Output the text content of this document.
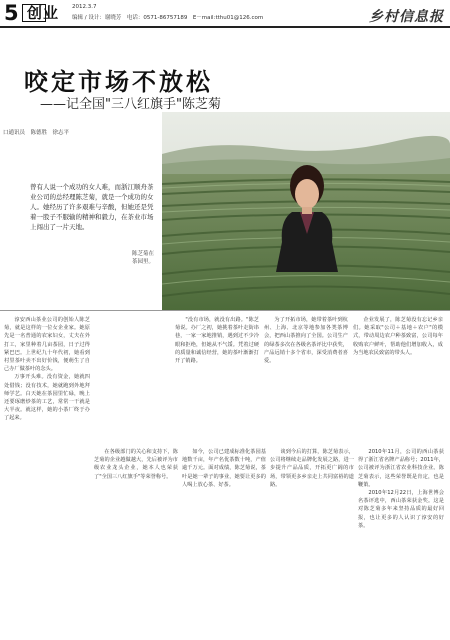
5 创业 2012.3.7
编辑 / 设计：谢晓芳　电话：0571-86757189　E－mail:tthu01@126.com	乡村信息报
咬定市场不放松
——记全国"三八红旗手"陈芝菊
口通讯员　陈德胜　徐志平
陈芝菊在茶园里。
曾有人说一个成功的女人难，而浙江顺舟茶业公司的总经理陈芝菊，就是一个成功的女人。她经历了许多艰难与辛酸，但她还是凭着一股子不服输的精神和毅力，在茶业市场上闯出了一片天地。

淳安西山茶业公司的创始人陈芝菊，就是这样的一位女企业家。她原先是一名普通的农家妇女，丈夫在外打工，家里种着几亩茶园，日子过得紧巴巴。上世纪九十年代初，她看到村里茶叶卖不出好价钱，便萌生了自己办厂做茶叶的念头。

万事开头难。没有资金，她就四处借钱；没有技术，她就跑到外地拜师学艺。白天她在茶园里忙碌，晚上还要琢磨炒茶的工艺，常常一干就是大半夜。就这样，她的小茶厂终于办了起来。

"没有市场，就没有出路。"陈芝菊说。办厂之初，她挑着茶叶走街串巷，一家一家地推销，遇到过不少冷眼和拒绝，但她从不气馁。凭着过硬的质量和诚信经营，她的茶叶渐渐打开了销路。

为了开拓市场，她带着茶叶到杭州、上海、北京等地参加各类茶博会，把西山茶推向了全国。公司生产的绿茶多次在各级名茶评比中获奖，产品远销十多个省市，深受消费者喜爱。

企业发展了，陈芝菊没有忘记乡亲们。她采取"公司＋基地＋农户"的模式，带动周边农户种茶致富，公司每年收购农户鲜叶，帮助他们增加收入，成为当地农民致富的带头人。

在各级部门的关心和支持下，陈芝菊的企业越做越大，先后被评为市级农业龙头企业，她本人也荣获了"全国三八红旗手"等荣誉称号。

如今，公司已建成标准化茶园基地数千亩，年产名优茶数十吨，产值逾千万元。面对成绩，陈芝菊说，茶叶是她一辈子的事业，她要让更多的人喝上放心茶、好茶。

谈到今后的打算，陈芝菊表示，公司将继续走品牌化发展之路，进一步提升产品品质，开拓更广阔的市场，带领更多乡亲走上共同富裕的道路。

2010年11月，公司的西山茶获得了浙江省名牌产品称号；2011年，公司被评为浙江省农业科技企业。陈芝菊表示，这些荣誉既是肯定，也是鞭策。

2010年12月22日，上海世博会名茶评选中，西山茶荣获金奖。这是对陈芝菊多年来坚持品质的最好回报，也让更多的人认识了淳安的好茶。
